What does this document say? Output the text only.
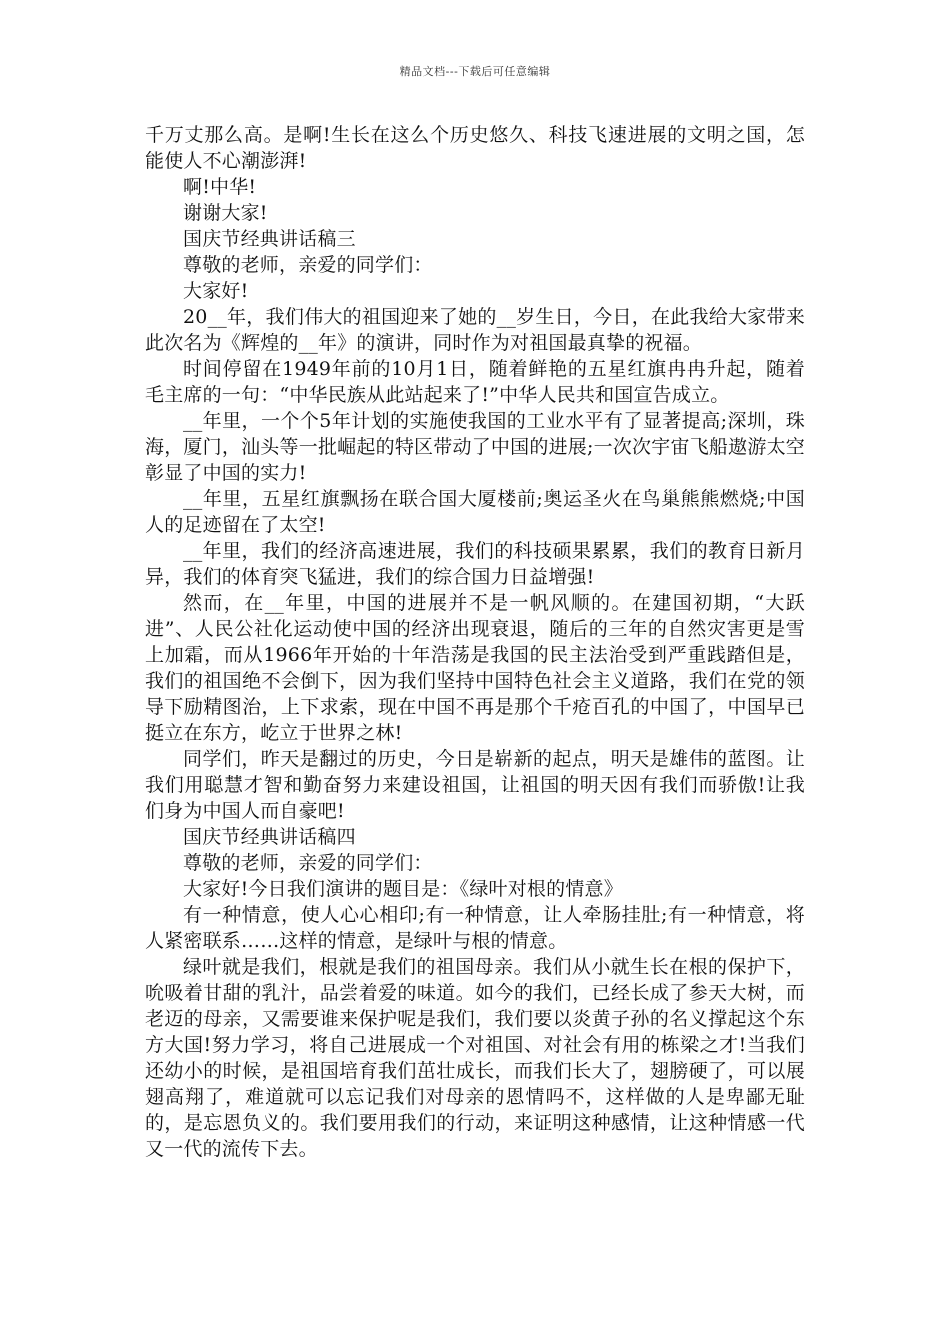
精品文档---下载后可任意编辑

千万丈那么高。是啊!生长在这么个历史悠久、科技飞速进展的文明之国，怎能使人不心潮澎湃!

啊!中华!

谢谢大家!

国庆节经典讲话稿三

尊敬的老师，亲爱的同学们：

大家好!

20__年，我们伟大的祖国迎来了她的__岁生日，今日，在此我给大家带来此次名为《辉煌的__年》的演讲，同时作为对祖国最真挚的祝福。

时间停留在1949年前的10月1日，随着鲜艳的五星红旗冉冉升起，随着毛主席的一句：“中华民族从此站起来了!”中华人民共和国宣告成立。

__年里，一个个5年计划的实施使我国的工业水平有了显著提高;深圳，珠海，厦门，汕头等一批崛起的特区带动了中国的进展;一次次宇宙飞船遨游太空彰显了中国的实力!

__年里，五星红旗飘扬在联合国大厦楼前;奥运圣火在鸟巢熊熊燃烧;中国人的足迹留在了太空!

__年里，我们的经济高速进展，我们的科技硕果累累，我们的教育日新月异，我们的体育突飞猛进，我们的综合国力日益增强!

然而，在__年里，中国的进展并不是一帆风顺的。在建国初期，“大跃进”、人民公社化运动使中国的经济出现衰退，随后的三年的自然灾害更是雪上加霜，而从1966年开始的十年浩荡是我国的民主法治受到严重践踏但是，我们的祖国绝不会倒下，因为我们坚持中国特色社会主义道路，我们在党的领导下励精图治，上下求索，现在中国不再是那个千疮百孔的中国了，中国早已挺立在东方，屹立于世界之林!

同学们，昨天是翻过的历史，今日是崭新的起点，明天是雄伟的蓝图。让我们用聪慧才智和勤奋努力来建设祖国，让祖国的明天因有我们而骄傲!让我们身为中国人而自豪吧!

国庆节经典讲话稿四

尊敬的老师，亲爱的同学们：

大家好!今日我们演讲的题目是：《绿叶对根的情意》

有一种情意，使人心心相印;有一种情意，让人牵肠挂肚;有一种情意，将人紧密联系……这样的情意，是绿叶与根的情意。

绿叶就是我们，根就是我们的祖国母亲。我们从小就生长在根的保护下，吮吸着甘甜的乳汁，品尝着爱的味道。如今的我们，已经长成了参天大树，而老迈的母亲，又需要谁来保护呢是我们，我们要以炎黄子孙的名义撑起这个东方大国!努力学习，将自己进展成一个对祖国、对社会有用的栋梁之才!当我们还幼小的时候，是祖国培育我们茁壮成长，而我们长大了，翅膀硬了，可以展翅高翔了，难道就可以忘记我们对母亲的恩情吗不，这样做的人是卑鄙无耻的，是忘恩负义的。我们要用我们的行动，来证明这种感情，让这种情感一代又一代的流传下去。
